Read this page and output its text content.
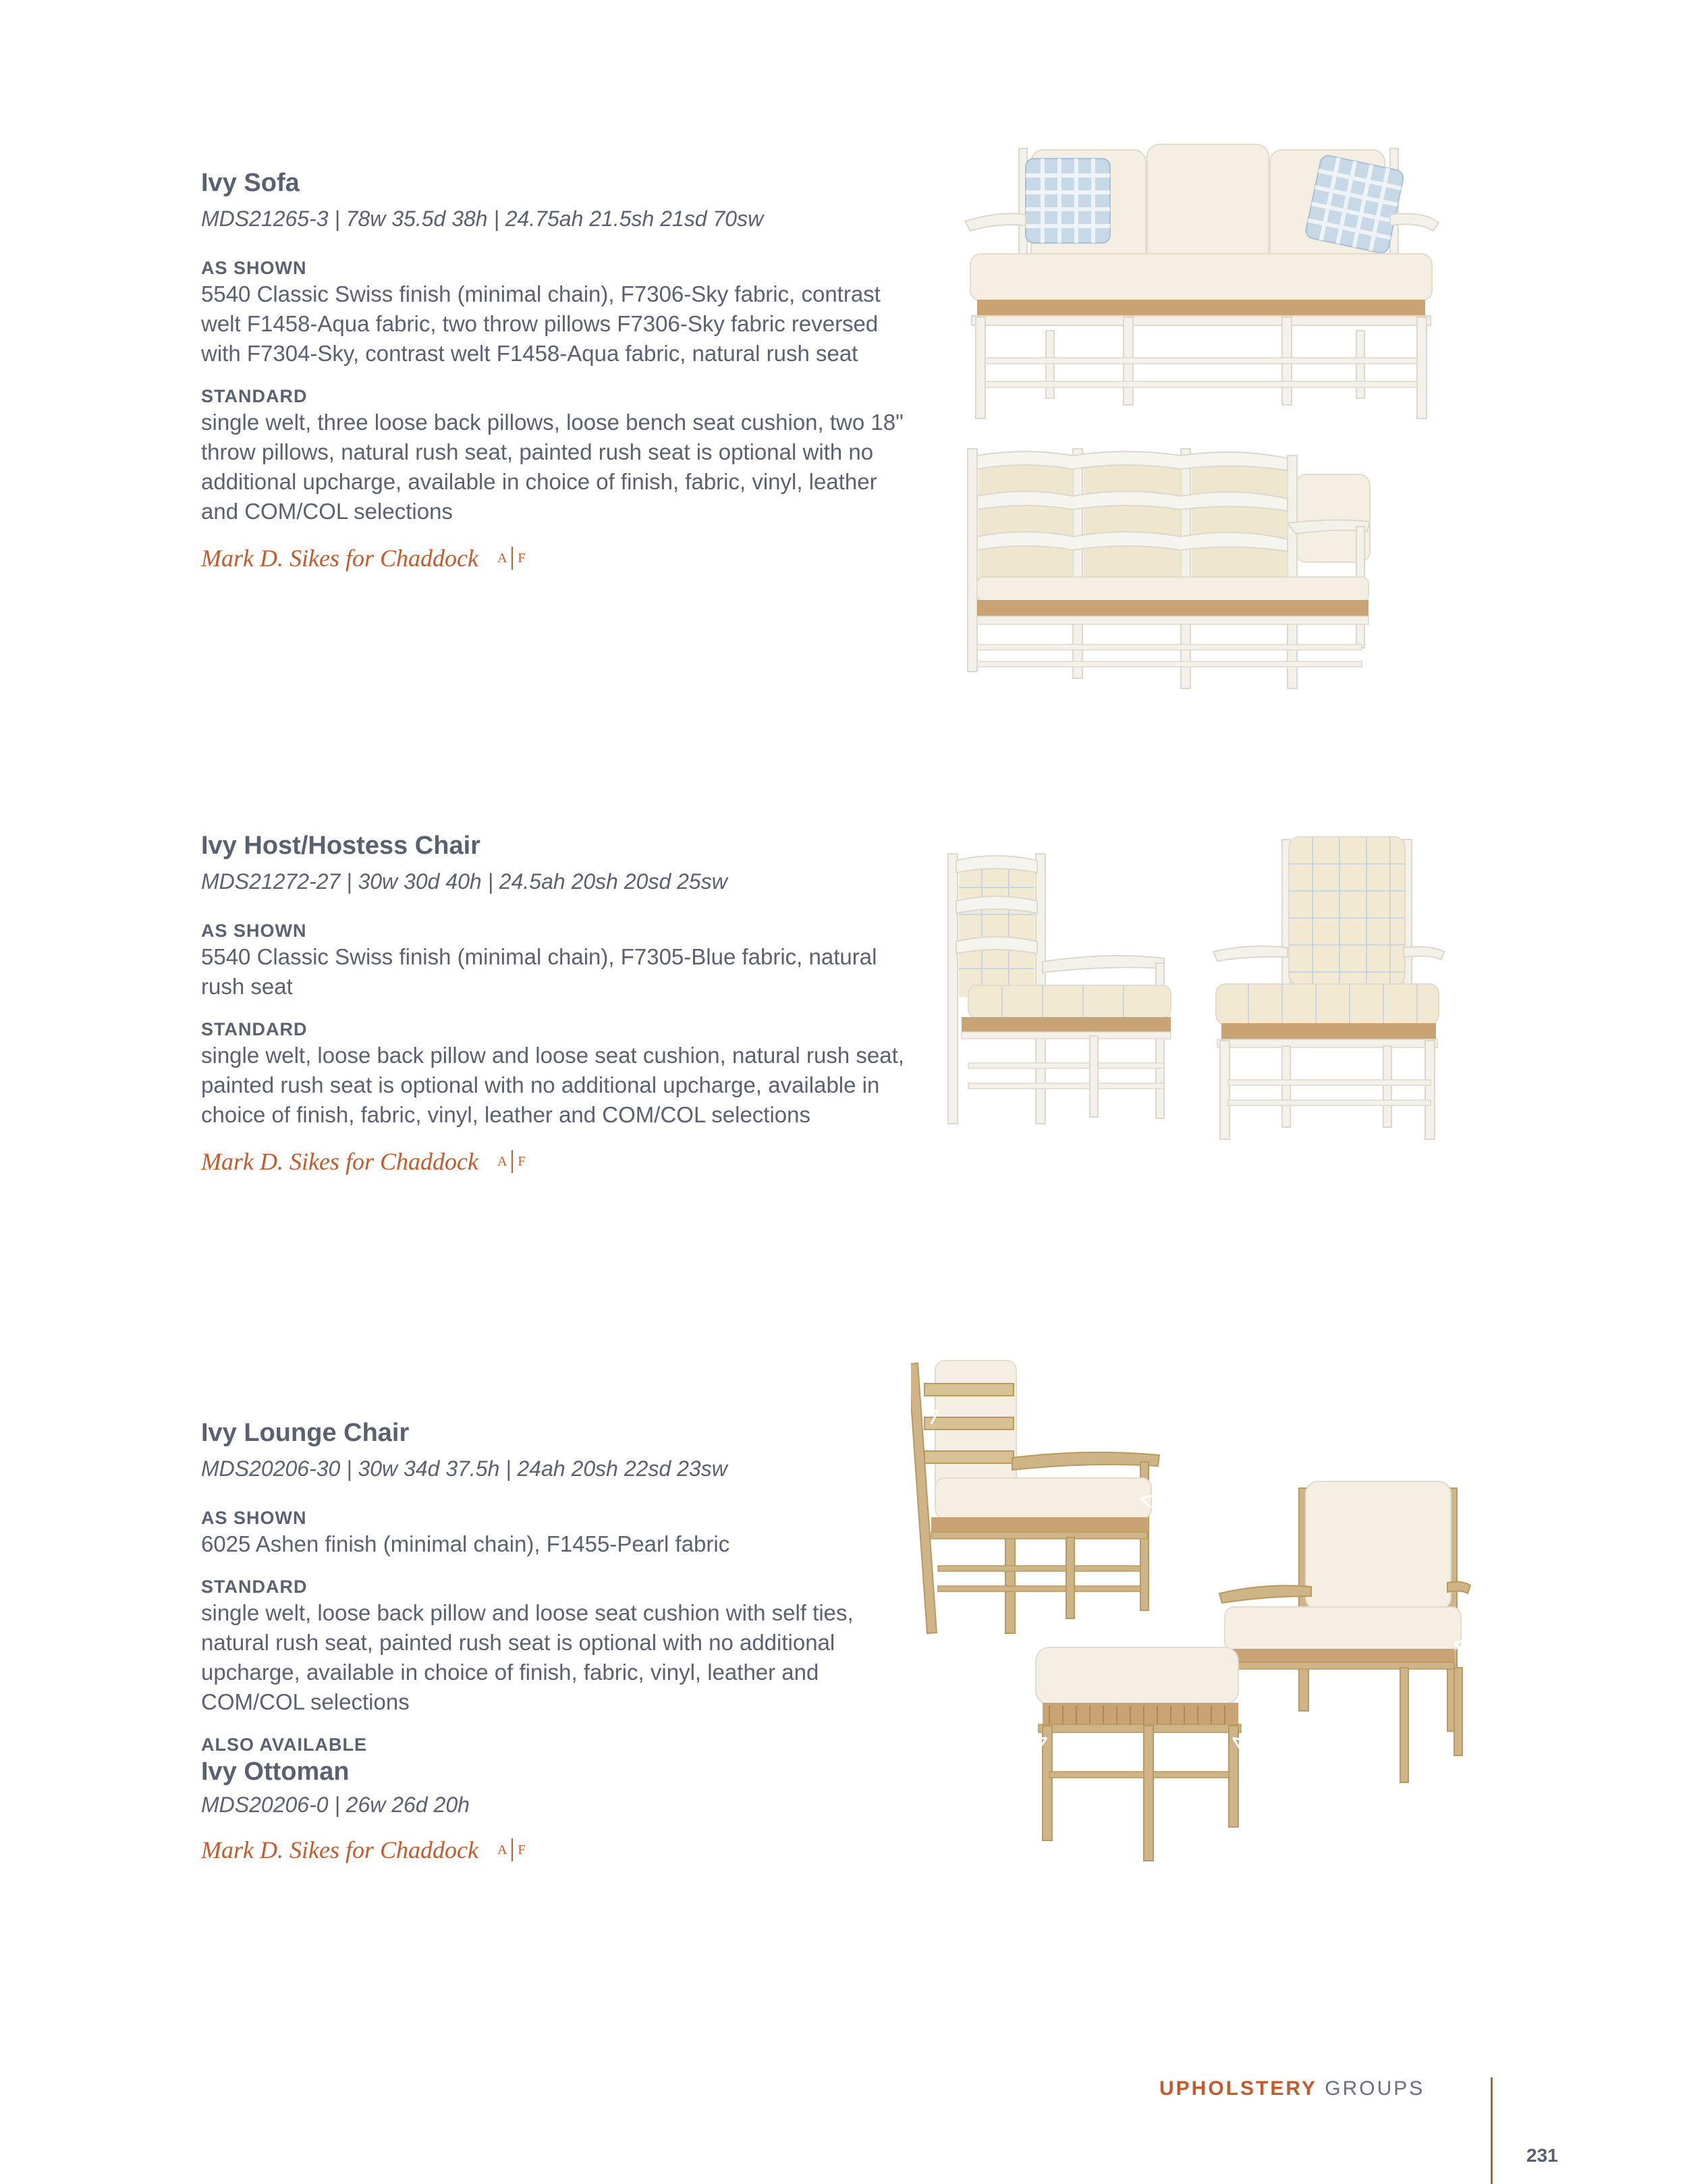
Ivy Sofa
MDS21265-3 | 78w 35.5d 38h | 24.75ah 21.5sh 21sd 70sw
AS SHOWN

5540 Classic Swiss finish (minimal chain), F7306-Sky fabric, contrast welt F1458-Aqua fabric, two throw pillows F7306-Sky fabric reversed with F7304-Sky, contrast welt F1458-Aqua fabric, natural rush seat

STANDARD

single welt, three loose back pillows, loose bench seat cushion, two 18" throw pillows, natural rush seat, painted rush seat is optional with no additional upcharge, available in choice of finish, fabric, vinyl, leather and COM/COL selections

Mark D. Sikes for Chaddock A F
Ivy Host/Hostess Chair
MDS21272-27 | 30w 30d 40h | 24.5ah 20sh 20sd 25sw
AS SHOWN

5540 Classic Swiss finish (minimal chain), F7305-Blue fabric, natural rush seat

STANDARD

single welt, loose back pillow and loose seat cushion, natural rush seat, painted rush seat is optional with no additional upcharge, available in choice of finish, fabric, vinyl, leather and COM/COL selections

Mark D. Sikes for Chaddock A F
Ivy Lounge Chair
MDS20206-30 | 30w 34d 37.5h | 24ah 20sh 22sd 23sw
AS SHOWN

6025 Ashen finish (minimal chain), F1455-Pearl fabric

STANDARD

single welt, loose back pillow and loose seat cushion with self ties, natural rush seat, painted rush seat is optional with no additional upcharge, available in choice of finish, fabric, vinyl, leather and COM/COL selections

ALSO AVAILABLE
Ivy Ottoman
MDS20206-0 | 26w 26d 20h
Mark D. Sikes for Chaddock A F
UPHOLSTERY GROUPS
231
